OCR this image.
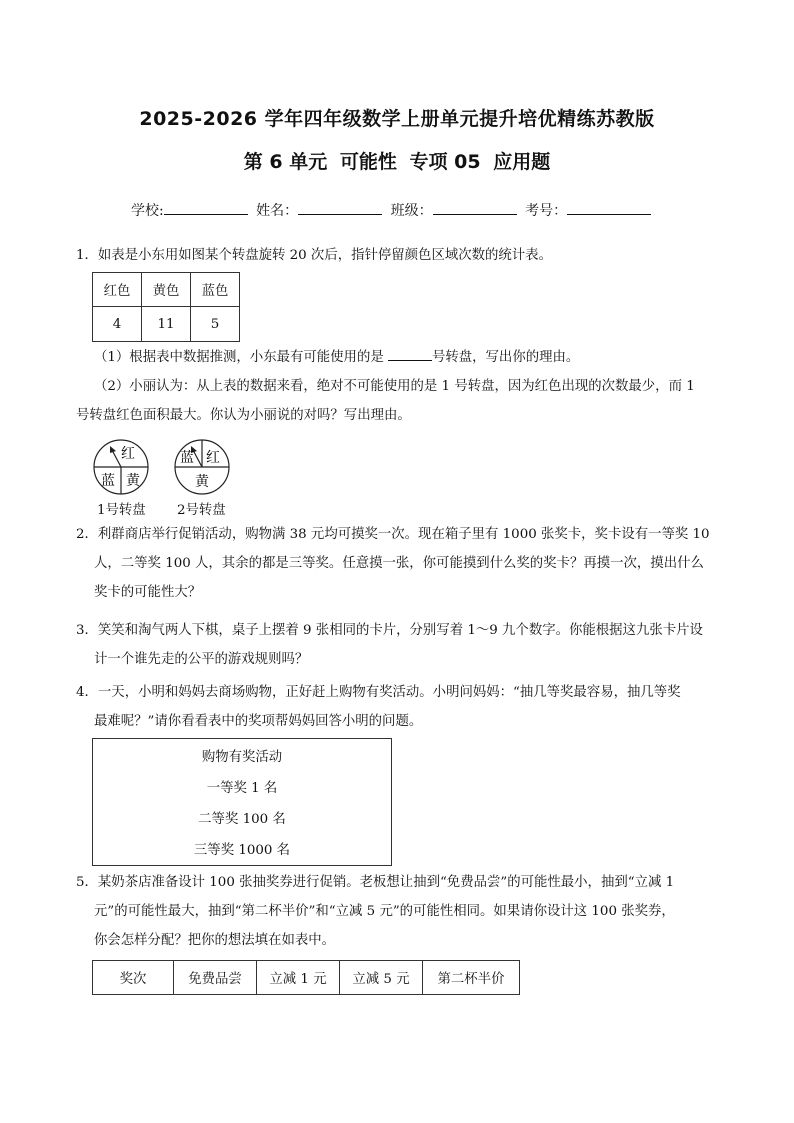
2025-2026 学年四年级数学上册单元提升培优精练苏教版
第 6 单元 可能性 专项 05 应用题
学校:	姓名：	班级：	考号：

1．如表是小东用如图某个转盘旋转 20 次后，指针停留颜色区域次数的统计表。

红色	黄色	蓝色
4	11	5

（1）根据表中数据推测，小东最有可能使用的是	号转盘，写出你的理由。

（2）小丽认为：从上表的数据来看，绝对不可能使用的是 1 号转盘，因为红色出现的次数最少，而 1

号转盘红色面积最大。你认为小丽说的对吗？写出理由。

红
蓝 黄
蓝 红
黄
1号转盘 2号转盘

2．利群商店举行促销活动，购物满 38 元均可摸奖一次。现在箱子里有 1000 张奖卡，奖卡设有一等奖 10

人，二等奖 100 人，其余的都是三等奖。任意摸一张，你可能摸到什么奖的奖卡？再摸一次，摸出什么

奖卡的可能性大？

3．笑笑和淘气两人下棋，桌子上摆着 9 张相同的卡片，分别写着 1～9 九个数字。你能根据这九张卡片设

计一个谁先走的公平的游戏规则吗？

4．一天，小明和妈妈去商场购物，正好赶上购物有奖活动。小明问妈妈：“抽几等奖最容易，抽几等奖

最难呢？”请你看看表中的奖项帮妈妈回答小明的问题。

购物有奖活动
一等奖 1 名
二等奖 100 名
三等奖 1000 名

5．某奶茶店准备设计 100 张抽奖券进行促销。老板想让抽到“免费品尝”的可能性最小，抽到“立减 1

元”的可能性最大，抽到“第二杯半价”和“立减 5 元”的可能性相同。如果请你设计这 100 张奖券，

你会怎样分配？把你的想法填在如表中。

奖次	免费品尝	立减 1 元	立减 5 元	第二杯半价
